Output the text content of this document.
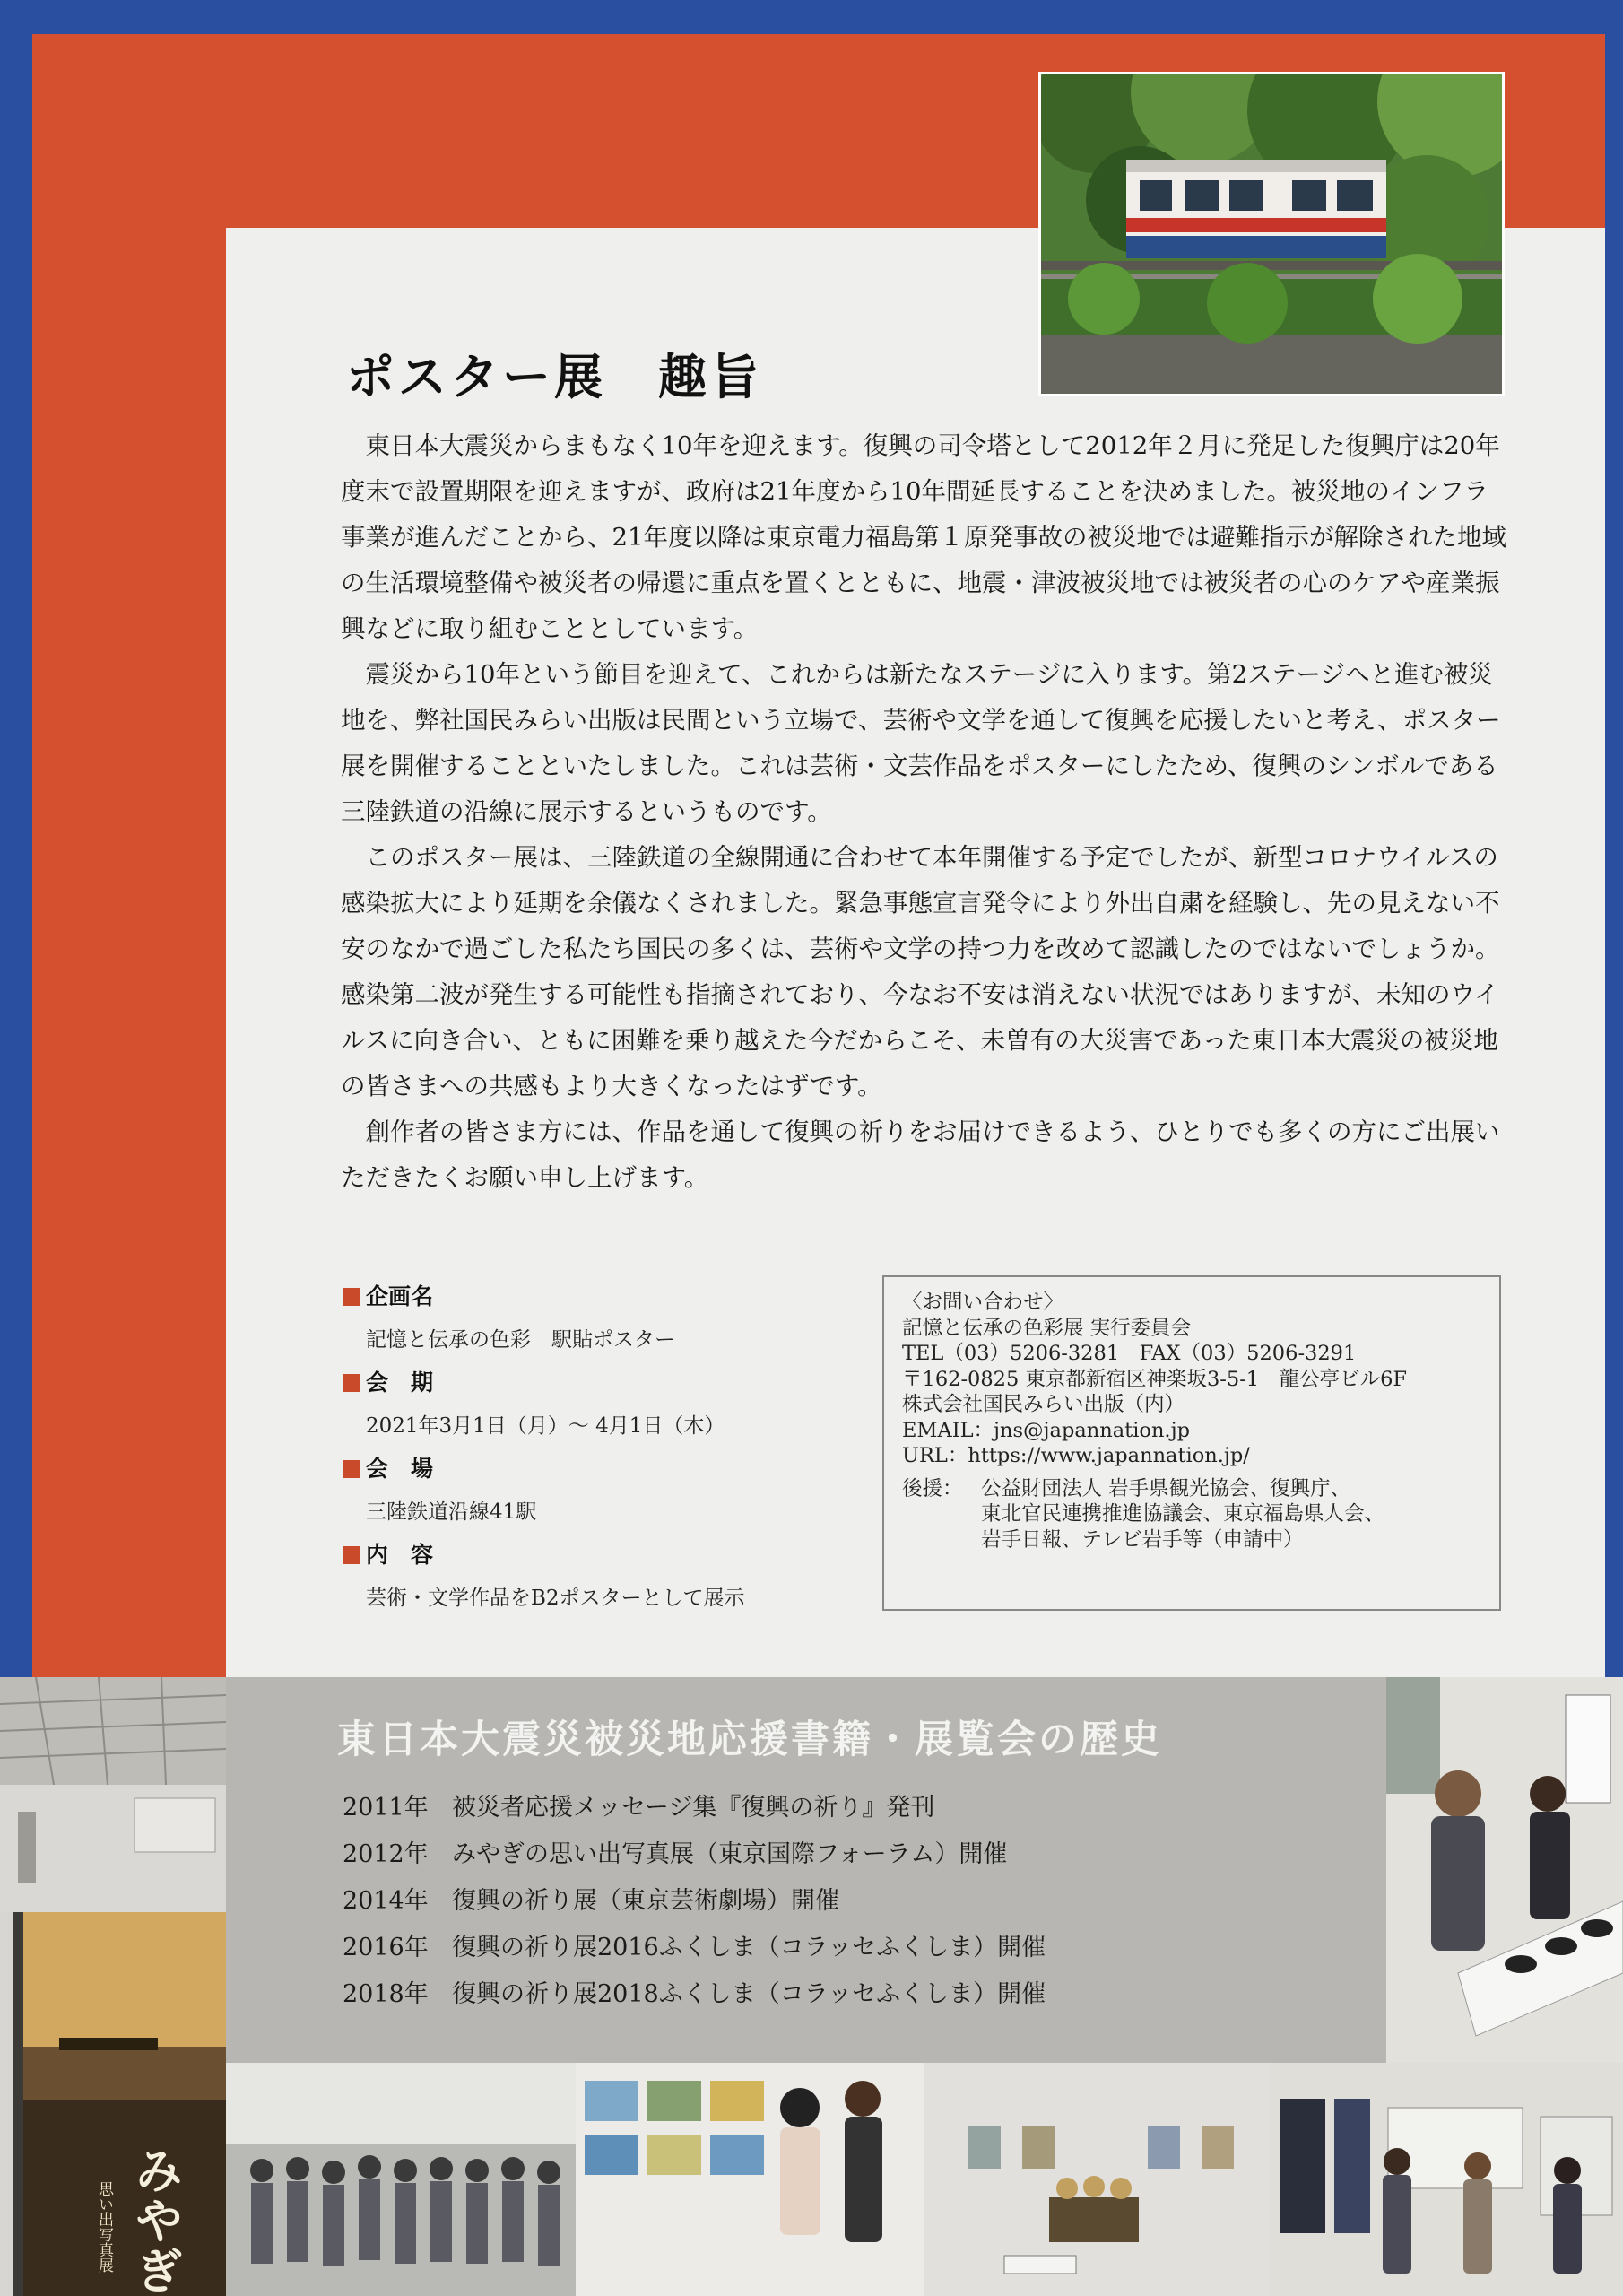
ポスター展　趣旨

東日本大震災からまもなく10年を迎えます。復興の司令塔として2012年２月に発足した復興庁は20年度末で設置期限を迎えますが、政府は21年度から10年間延長することを決めました。被災地のインフラ事業が進んだことから、21年度以降は東京電力福島第１原発事故の被災地では避難指示が解除された地域の生活環境整備や被災者の帰還に重点を置くとともに、地震・津波被災地では被災者の心のケアや産業振興などに取り組むこととしています。

震災から10年という節目を迎えて、これからは新たなステージに入ります。第2ステージへと進む被災地を、弊社国民みらい出版は民間という立場で、芸術や文学を通して復興を応援したいと考え、ポスター展を開催することといたしました。これは芸術・文芸作品をポスターにしたため、復興のシンボルである三陸鉄道の沿線に展示するというものです。

このポスター展は、三陸鉄道の全線開通に合わせて本年開催する予定でしたが、新型コロナウイルスの感染拡大により延期を余儀なくされました。緊急事態宣言発令により外出自粛を経験し、先の見えない不安のなかで過ごした私たち国民の多くは、芸術や文学の持つ力を改めて認識したのではないでしょうか。感染第二波が発生する可能性も指摘されており、今なお不安は消えない状況ではありますが、未知のウイルスに向き合い、ともに困難を乗り越えた今だからこそ、未曽有の大災害であった東日本大震災の被災地の皆さまへの共感もより大きくなったはずです。

創作者の皆さま方には、作品を通して復興の祈りをお届けできるよう、ひとりでも多くの方にご出展いただきたくお願い申し上げます。

企画名
記憶と伝承の色彩　駅貼ポスター
会　期
2021年3月1日（月）～ 4月1日（木）
会　場
三陸鉄道沿線41駅
内　容
芸術・文学作品をB2ポスターとして展示
〈お問い合わせ〉
記憶と伝承の色彩展 実行委員会
TEL（03）5206-3281　FAX（03）5206-3291
〒162-0825 東京都新宿区神楽坂3-5-1　龍公亭ビル6F
株式会社国民みらい出版（内）
EMAIL：jns@japannation.jp
URL：https://www.japannation.jp/
後援： 公益財団法人 岩手県観光協会、復興庁、
東北官民連携推進協議会、東京福島県人会、
岩手日報、テレビ岩手等（申請中）
東日本大震災被災地応援書籍・展覧会の歴史
2011年 被災者応援メッセージ集『復興の祈り』発刊
2012年 みやぎの思い出写真展（東京国際フォーラム）開催
2014年 復興の祈り展（東京芸術劇場）開催
2016年 復興の祈り展2016ふくしま（コラッセふくしま）開催
2018年 復興の祈り展2018ふくしま（コラッセふくしま）開催
みやぎ
思い出写真展
